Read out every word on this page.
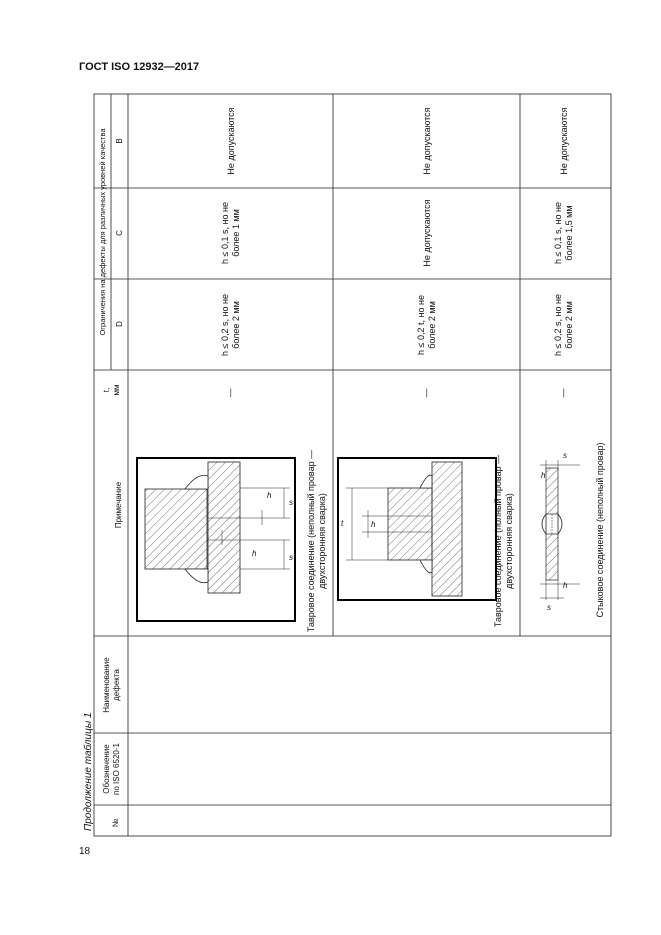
ГОСТ ISO 12932—2017
18
Продолжение таблицы 1 №
Обозначение по ISO 6520-1
Наименование дефекта
Примечание
t, мм
Ограничения на дефекты для различных уровней качества D
C
B
—
h ≤ 0,2 s, но не более 2 мм
h ≤ 0,1 s, но не более 1 мм
Не допускаются
Тавровое соединение (неполный провар — двухсторонняя сварка)
h
h
s
s
—
h ≤ 0,2 t, но не более 2 мм
Не допускаются
Не допускаются
Тавровое соединение (полный провар — двухсторонняя сварка)
t	h
—
h ≤ 0,2 s, но не более 2 мм
h ≤ 0,1 s, но не более 1,5 мм
Не допускаются
Стыковое соединение (неполный провар)
s
h
h
s
